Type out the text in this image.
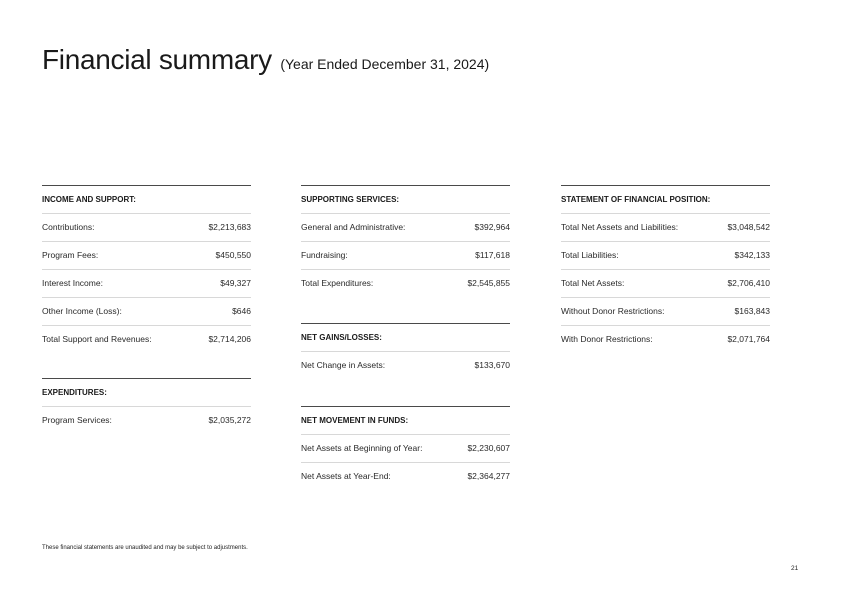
Financial summary (Year Ended December 31, 2024)
INCOME AND SUPPORT:
Contributions:	$2,213,683
Program Fees:	$450,550
Interest Income:	$49,327
Other Income (Loss):	$646
Total Support and Revenues:	$2,714,206
EXPENDITURES:
Program Services:	$2,035,272
SUPPORTING SERVICES:
General and Administrative:	$392,964
Fundraising:	$117,618
Total Expenditures:	$2,545,855
NET GAINS/LOSSES:
Net Change in Assets:	$133,670
NET MOVEMENT IN FUNDS:
Net Assets at Beginning of Year:	$2,230,607
Net Assets at Year-End:	$2,364,277
STATEMENT OF FINANCIAL POSITION:
Total Net Assets and Liabilities:	$3,048,542
Total Liabilities:	$342,133
Total Net Assets:	$2,706,410
Without Donor Restrictions:	$163,843
With Donor Restrictions:	$2,071,764
These financial statements are unaudited and may be subject to adjustments.
21
